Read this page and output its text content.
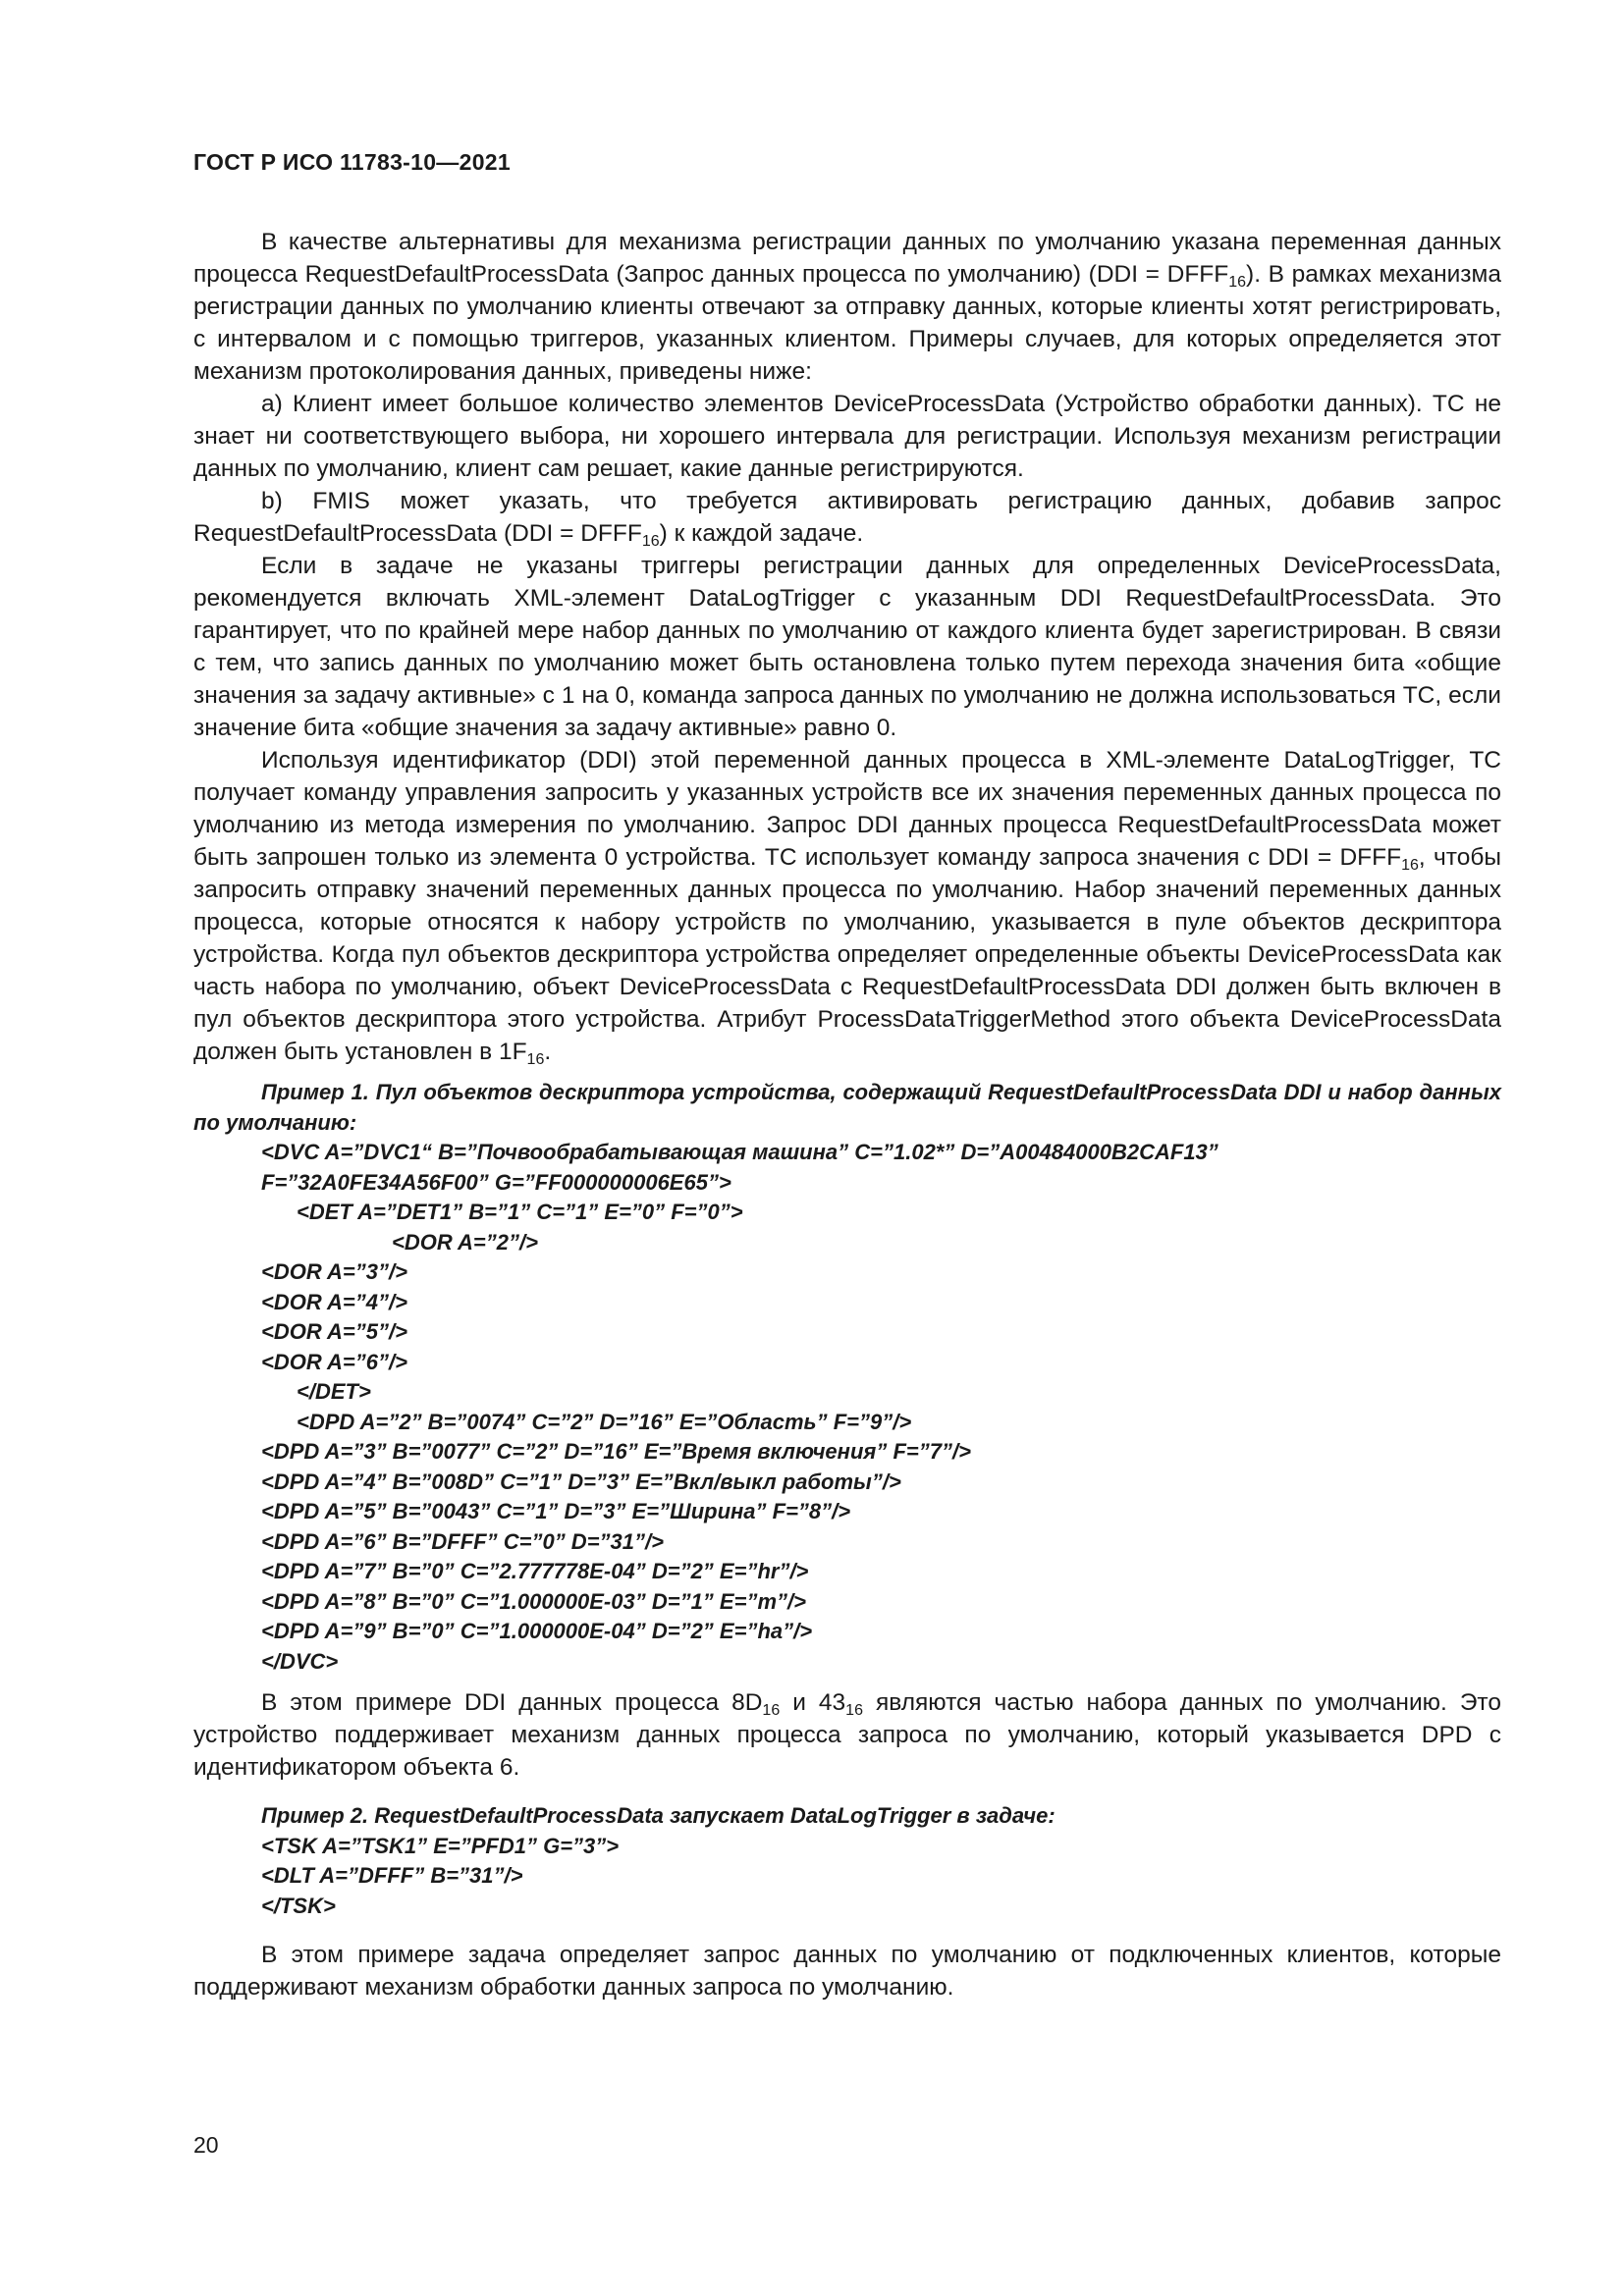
ГОСТ Р ИСО 11783-10—2021

В качестве альтернативы для механизма регистрации данных по умолчанию указана переменная данных процесса RequestDefaultProcessData (Запрос данных процесса по умолчанию) $(DDI = DFFF_{16})$. В рамках механизма регистрации данных по умолчанию клиенты отвечают за отправку данных, которые клиенты хотят регистрировать, с интервалом и с помощью триггеров, указанных клиентом. Примеры случаев, для которых определяется этот механизм протоколирования данных, приведены ниже:

а) Клиент имеет большое количество элементов DeviceProcessData (Устройство обработки данных). ТС не знает ни соответствующего выбора, ни хорошего интервала для регистрации. Используя механизм регистрации данных по умолчанию, клиент сам решает, какие данные регистрируются.

b) FMIS может указать, что требуется активировать регистрацию данных, добавив запрос RequestDefaultProcessData $(DDI = DFFF_{16})$ к каждой задаче.

Если в задаче не указаны триггеры регистрации данных для определенных DeviceProcessData, рекомендуется включать XML-элемент DataLogTrigger с указанным DDI RequestDefaultProcessData. Это гарантирует, что по крайней мере набор данных по умолчанию от каждого клиента будет зарегистрирован. В связи с тем, что запись данных по умолчанию может быть остановлена только путем перехода значения бита «общие значения за задачу активные» с 1 на 0, команда запроса данных по умолчанию не должна использоваться ТС, если значение бита «общие значения за задачу активные» равно 0.

Используя идентификатор (DDI) этой переменной данных процесса в XML-элементе DataLogTrigger, ТС получает команду управления запросить у указанных устройств все их значения переменных данных процесса по умолчанию из метода измерения по умолчанию. Запрос DDI данных процесса RequestDefaultProcessData может быть запрошен только из элемента 0 устройства. ТС использует команду запроса значения с DDI = $DFFF_{16}$, чтобы запросить отправку значений переменных данных процесса по умолчанию. Набор значений переменных данных процесса, которые относятся к набору устройств по умолчанию, указывается в пуле объектов дескриптора устройства. Когда пул объектов дескриптора устройства определяет определенные объекты DeviceProcessData как часть набора по умолчанию, объект DeviceProcessData с RequestDefaultProcessData DDI должен быть включен в пул объектов дескриптора этого устройства. Атрибут ProcessDataTriggerMethod этого объекта DeviceProcessData должен быть установлен в $1F_{16}$.

Пример 1. Пул объектов дескриптора устройства, содержащий RequestDefaultProcessData DDI и набор данных по умолчанию:

<DVC A=”DVC1“ B=”Почвообрабатывающая машина” C=”1.02*” D=”A00484000B2CAF13”
F=”32A0FE34A56F00” G=”FF000000006E65”>
<DET A=”DET1” B=”1” C=”1” E=”0” F=”0”>
<DOR A=”2”/>
<DOR A=”3”/>
<DOR A=”4”/>
<DOR A=”5”/>
<DOR A=”6”/>
</DET>
<DPD A=”2” B=”0074” C=”2” D=”16” E=”Область” F=”9”/>
<DPD A=”3” B=”0077” C=”2” D=”16” E=”Время включения” F=”7”/>
<DPD A=”4” B=”008D” C=”1” D=”3” E=”Вкл/выкл работы”/>
<DPD A=”5” B=”0043” C=”1” D=”3” E=”Ширина” F=”8”/>
<DPD A=”6” B=”DFFF” C=”0” D=”31”/>
<DPD A=”7” B=”0” C=”2.777778E-04” D=”2” E=”hr”/>
<DPD A=”8” B=”0” C=”1.000000E-03” D=”1” E=”m”/>
<DPD A=”9” B=”0” C=”1.000000E-04” D=”2” E=”ha”/>
</DVC>

В этом примере DDI данных процесса $8D_{16}$ и $43_{16}$ являются частью набора данных по умолчанию. Это устройство поддерживает механизм данных процесса запроса по умолчанию, который указывается DPD с идентификатором объекта 6.

Пример 2. RequestDefaultProcessData запускает DataLogTrigger в задаче:

<TSK A=”TSK1” E=”PFD1” G=”3”>
<DLT A=”DFFF” B=”31”/>
</TSK>

В этом примере задача определяет запрос данных по умолчанию от подключенных клиентов, которые поддерживают механизм обработки данных запроса по умолчанию.

20
